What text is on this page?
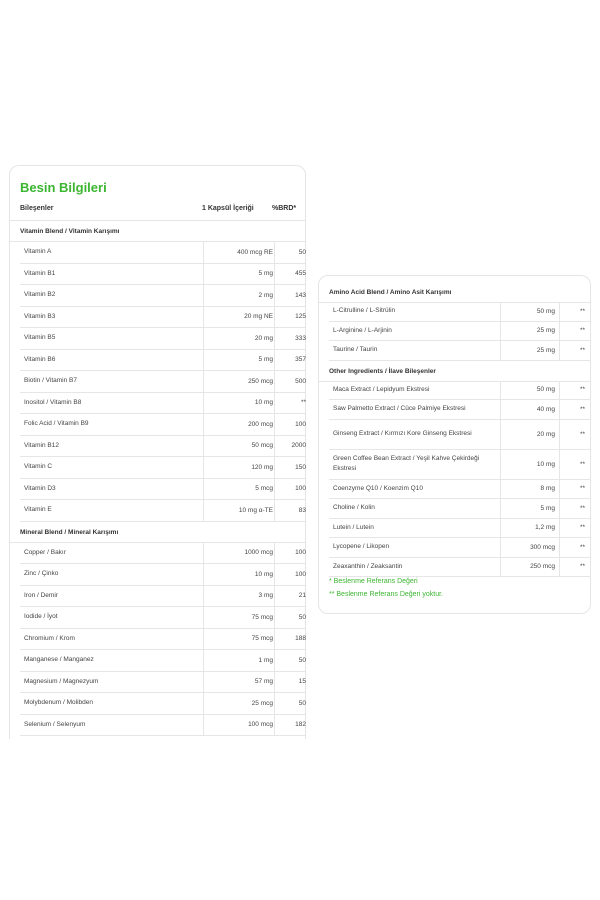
Besin Bilgileri
Bileşenler	1 Kapsül İçeriği	%BRD*
Vitamin Blend / Vitamin Karışımı
Vitamin A	400 mcg RE	50
Vitamin B1	5 mg	455
Vitamin B2	2 mg	143
Vitamin B3	20 mg NE	125
Vitamin B5	20 mg	333
Vitamin B6	5 mg	357
Biotin / Vitamin B7	250 mcg	500
Inositol / Vitamin B8	10 mg	**
Folic Acid / Vitamin B9	200 mcg	100
Vitamin B12	50 mcg	2000
Vitamin C	120 mg	150
Vitamin D3	5 mcg	100
Vitamin E	10 mg α-TE	83
Mineral Blend / Mineral Karışımı
Copper / Bakır	1000 mcg	100
Zinc / Çinko	10 mg	100
Iron / Demir	3 mg	21
Iodide / İyot	75 mcg	50
Chromium / Krom	75 mcg	188
Manganese / Manganez	1 mg	50
Magnesium / Magnezyum	57 mg	15
Molybdenum / Molibden	25 mcg	50
Selenium / Selenyum	100 mcg	182
Amino Acid Blend / Amino Asit Karışımı
L-Citrulline / L-Sitrülin	50 mg	**
L-Arginine / L-Arjinin	25 mg	**
Taurine / Taurin	25 mg	**
Other Ingredients / İlave Bileşenler
Maca Extract / Lepidyum Ekstresi	50 mg	**
Saw Palmetto Extract / Cüce Palmiye Ekstresi	40 mg	**
Ginseng Extract / Kırmızı Kore Ginseng Ekstresi	20 mg	**
Green Coffee Bean Extract / Yeşil Kahve Çekirdeği Ekstresi
10 mg	**
Coenzyme Q10 / Koenzim Q10	8 mg	**
Choline / Kolin	5 mg	**
Lutein / Lutein	1,2 mg	**
Lycopene / Likopen	300 mcg	**
Zeaxanthin / Zeaksantin	250 mcg	**
* Beslenme Referans Değeri
** Beslenme Referans Değeri yoktur.
